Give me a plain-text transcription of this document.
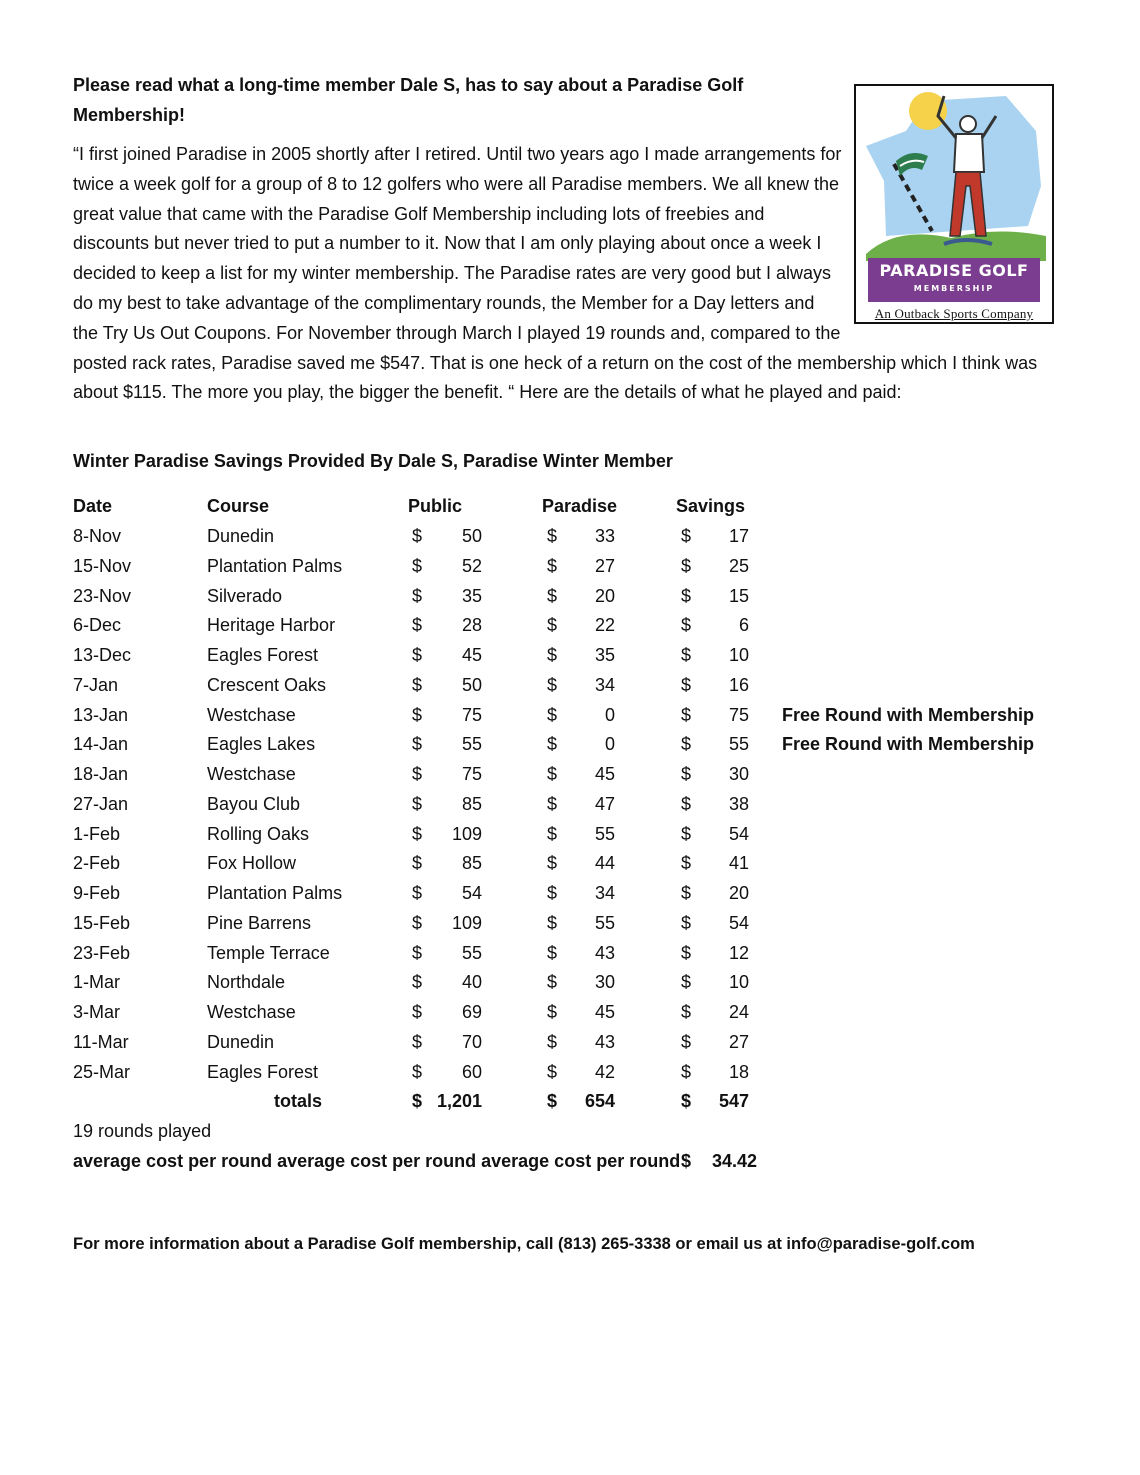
Please read what a long-time member Dale S, has to say about a Paradise Golf Membership!

“I first joined Paradise in 2005 shortly after I retired. Until two years ago I made arrangements for twice a week golf for a group of 8 to 12 golfers who were all Paradise members. We all knew the great value that came with the Paradise Golf Membership including lots of freebies and discounts but never tried to put a number to it. Now that I am only playing about once a week I decided to keep a list for my winter membership. The Paradise rates are very good but I always do my best to take advantage of the complimentary rounds, the Member for a Day letters and the Try Us Out Coupons. For November through March I played 19 rounds and, compared to the posted rack rates, Paradise saved me $547. That is one heck of a return on the cost of the membership which I think was about $115. The more you play, the bigger the benefit. “ Here are the details of what he played and paid:
PARADISE GOLF
MEMBERSHIP
An Outback Sports Company

Winter Paradise Savings Provided By Dale S, Paradise Winter Member

Date	Course	Public	Paradise	Savings
8-Nov	Dunedin	$	50	$	33	$	17
15-Nov	Plantation Palms	$	52	$	27	$	25
23-Nov	Silverado	$	35	$	20	$	15
6-Dec	Heritage Harbor	$	28	$	22	$	6
13-Dec	Eagles Forest	$	45	$	35	$	10
7-Jan	Crescent Oaks	$	50	$	34	$	16
13-Jan	Westchase	$	75	$	0	$	75 Free Round with Membership
14-Jan	Eagles Lakes	$	55	$	0	$	55 Free Round with Membership
18-Jan	Westchase	$	75	$	45	$	30
27-Jan	Bayou Club	$	85	$	47	$	38
1-Feb	Rolling Oaks	$	109	$	55	$	54
2-Feb	Fox Hollow	$	85	$	44	$	41
9-Feb	Plantation Palms	$	54	$	34	$	20
15-Feb	Pine Barrens	$	109	$	55	$	54
23-Feb	Temple Terrace	$	55	$	43	$	12
1-Mar	Northdale	$	40	$	30	$	10
3-Mar	Westchase	$	69	$	45	$	24
11-Mar	Dunedin	$	70	$	43	$	27
25-Mar	Eagles Forest	$	60	$	42	$	18
totals	$ 1,201	$	654	$	547
19 rounds played
average cost per round average cost per round average cost per round $	34.42
For more information about a Paradise Golf membership, call (813) 265-3338 or email us at info@paradise-golf.com
